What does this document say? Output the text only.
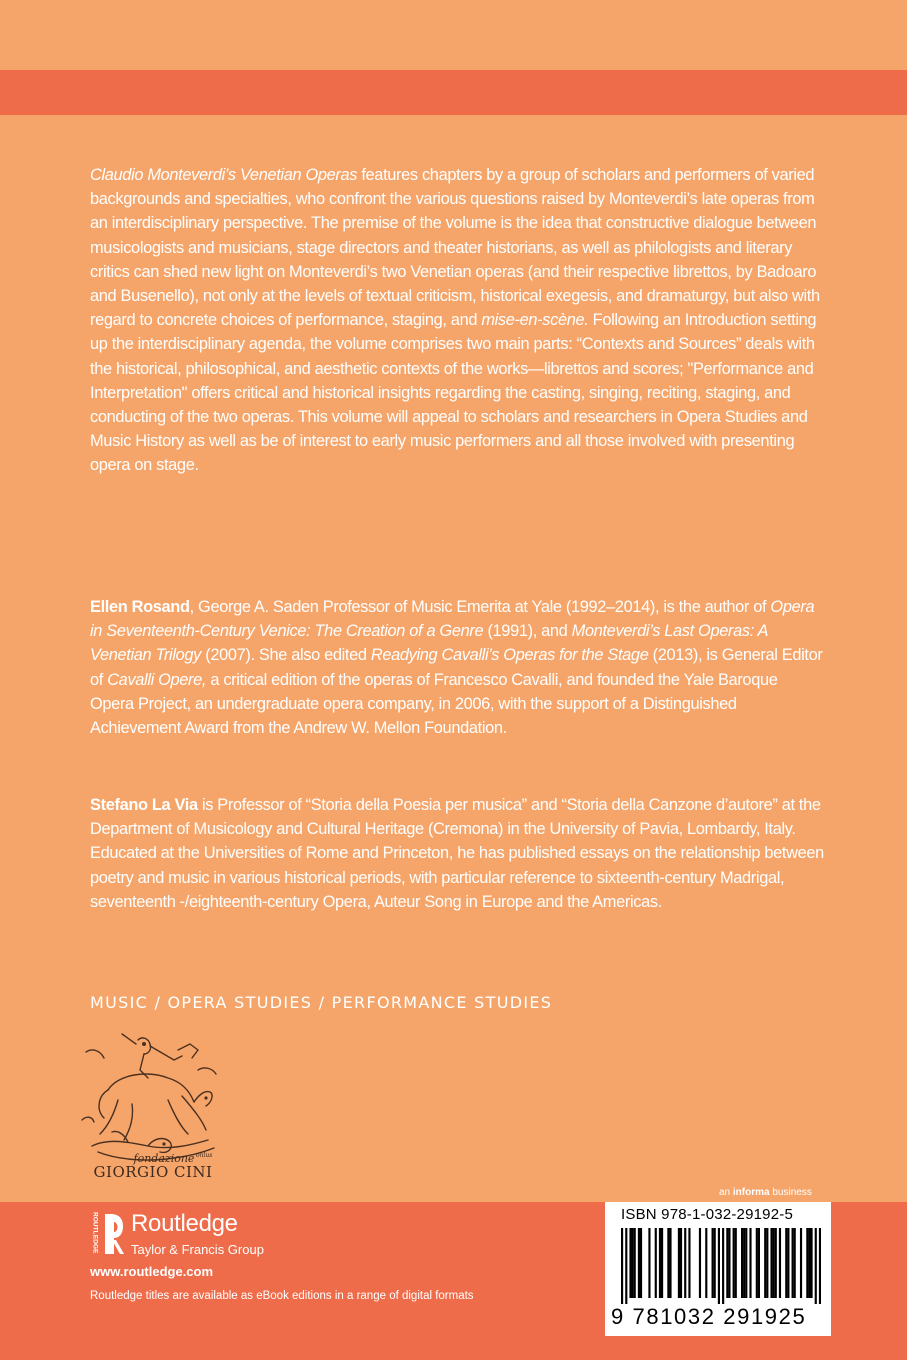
Claudio Monteverdi’s Venetian Operas features chapters by a group of scholars and performers of varied backgrounds and specialties, who confront the various questions raised by Monteverdi’s late operas from an interdisciplinary perspective. The premise of the volume is the idea that constructive dialogue between musicologists and musicians, stage directors and theater historians, as well as philologists and literary critics can shed new light on Monteverdi’s two Venetian operas (and their respective librettos, by Badoaro and Busenello), not only at the levels of textual criticism, historical exegesis, and dramaturgy, but also with regard to concrete choices of performance, staging, and mise-en-scène. Following an Introduction setting up the interdisciplinary agenda, the volume comprises two main parts: “Contexts and Sources” deals with the historical, philosophical, and aesthetic contexts of the works—librettos and scores; "Performance and Interpretation" offers critical and historical insights regarding the casting, singing, reciting, staging, and conducting of the two operas. This volume will appeal to scholars and researchers in Opera Studies and Music History as well as be of interest to early music performers and all those involved with presenting opera on stage.

Ellen Rosand, George A. Saden Professor of Music Emerita at Yale (1992–2014), is the author of Opera in Seventeenth-Century Venice: The Creation of a Genre (1991), and Monteverdi’s Last Operas: A Venetian Trilogy (2007). She also edited Readying Cavalli’s Operas for the Stage (2013), is General Editor of Cavalli Opere, a critical edition of the operas of Francesco Cavalli, and founded the Yale Baroque Opera Project, an undergraduate opera company, in 2006, with the support of a Distinguished Achievement Award from the Andrew W. Mellon Foundation.

Stefano La Via is Professor of “Storia della Poesia per musica” and “Storia della Canzone d’autore” at the Department of Musicology and Cultural Heritage (Cremona) in the University of Pavia, Lombardy, Italy. Educated at the Universities of Rome and Princeton, he has published essays on the relationship between poetry and music in various historical periods, with particular reference to sixteenth-century Madrigal, seventeenth -/eighteenth-century Opera, Auteur Song in Europe and the Americas.

MUSIC / OPERA STUDIES / PERFORMANCE STUDIES
onlus
fondazione
GIORGIO CINI
an informa business
ROUTLEDGE Routledge
Taylor & Francis Group
www.routledge.com
Routledge titles are available as eBook editions in a range of digital formats
ISBN 978-1-032-29192-5
9 781032 291925
